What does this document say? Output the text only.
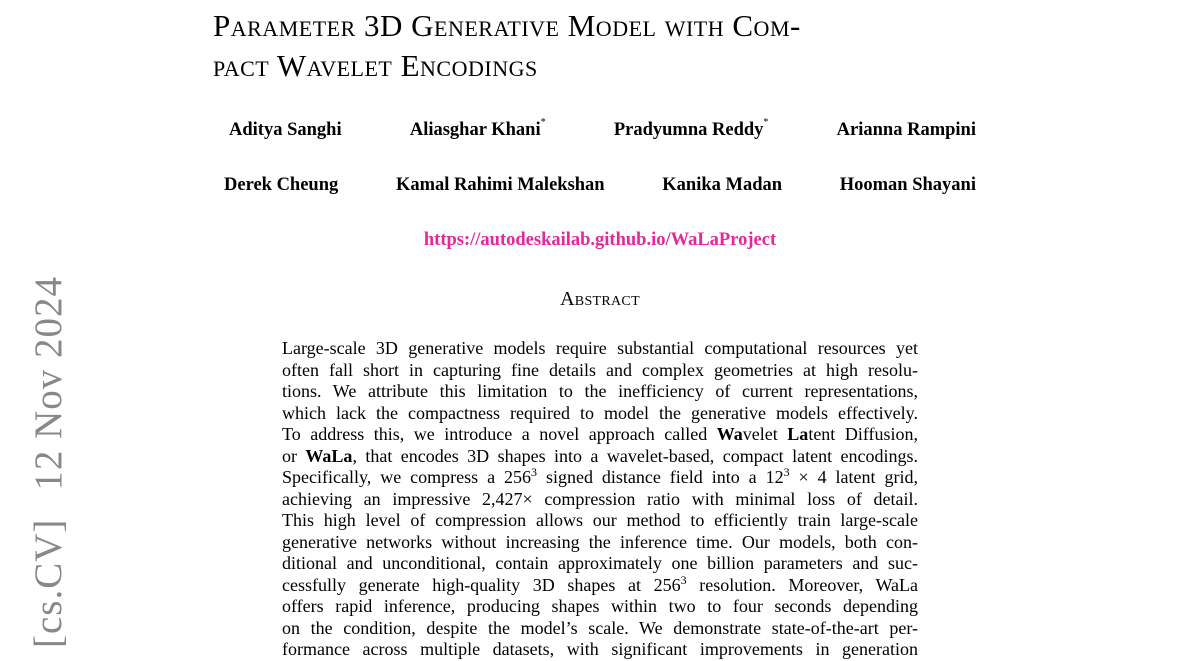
Parameter 3D Generative Model with Com-
pact Wavelet Encodings
Aditya Sanghi	Aliasghar Khani*	Pradyumna Reddy*	Arianna Rampini
Derek Cheung	Kamal Rahimi Malekshan	Kanika Madan	Hooman Shayani
https://autodeskailab.github.io/WaLaProject
Abstract
Large-scale 3D generative models require substantial computational resources yet
often fall short in capturing fine details and complex geometries at high resolu-
tions. We attribute this limitation to the inefficiency of current representations,
which lack the compactness required to model the generative models effectively.
To address this, we introduce a novel approach called Wavelet Latent Diffusion,
or WaLa, that encodes 3D shapes into a wavelet-based, compact latent encodings.
Specifically, we compress a $256^3$ signed distance field into a $12^3 \times 4$ latent grid,
achieving an impressive 2,427× compression ratio with minimal loss of detail.
This high level of compression allows our method to efficiently train large-scale
generative networks without increasing the inference time. Our models, both con-
ditional and unconditional, contain approximately one billion parameters and suc-
cessfully generate high-quality 3D shapes at $256^3$ resolution. Moreover, WaLa
offers rapid inference, producing shapes within two to four seconds depending
on the condition, despite the model’s scale. We demonstrate state-of-the-art per-
formance across multiple datasets, with significant improvements in generation
[cs.CV]12 Nov 2024
